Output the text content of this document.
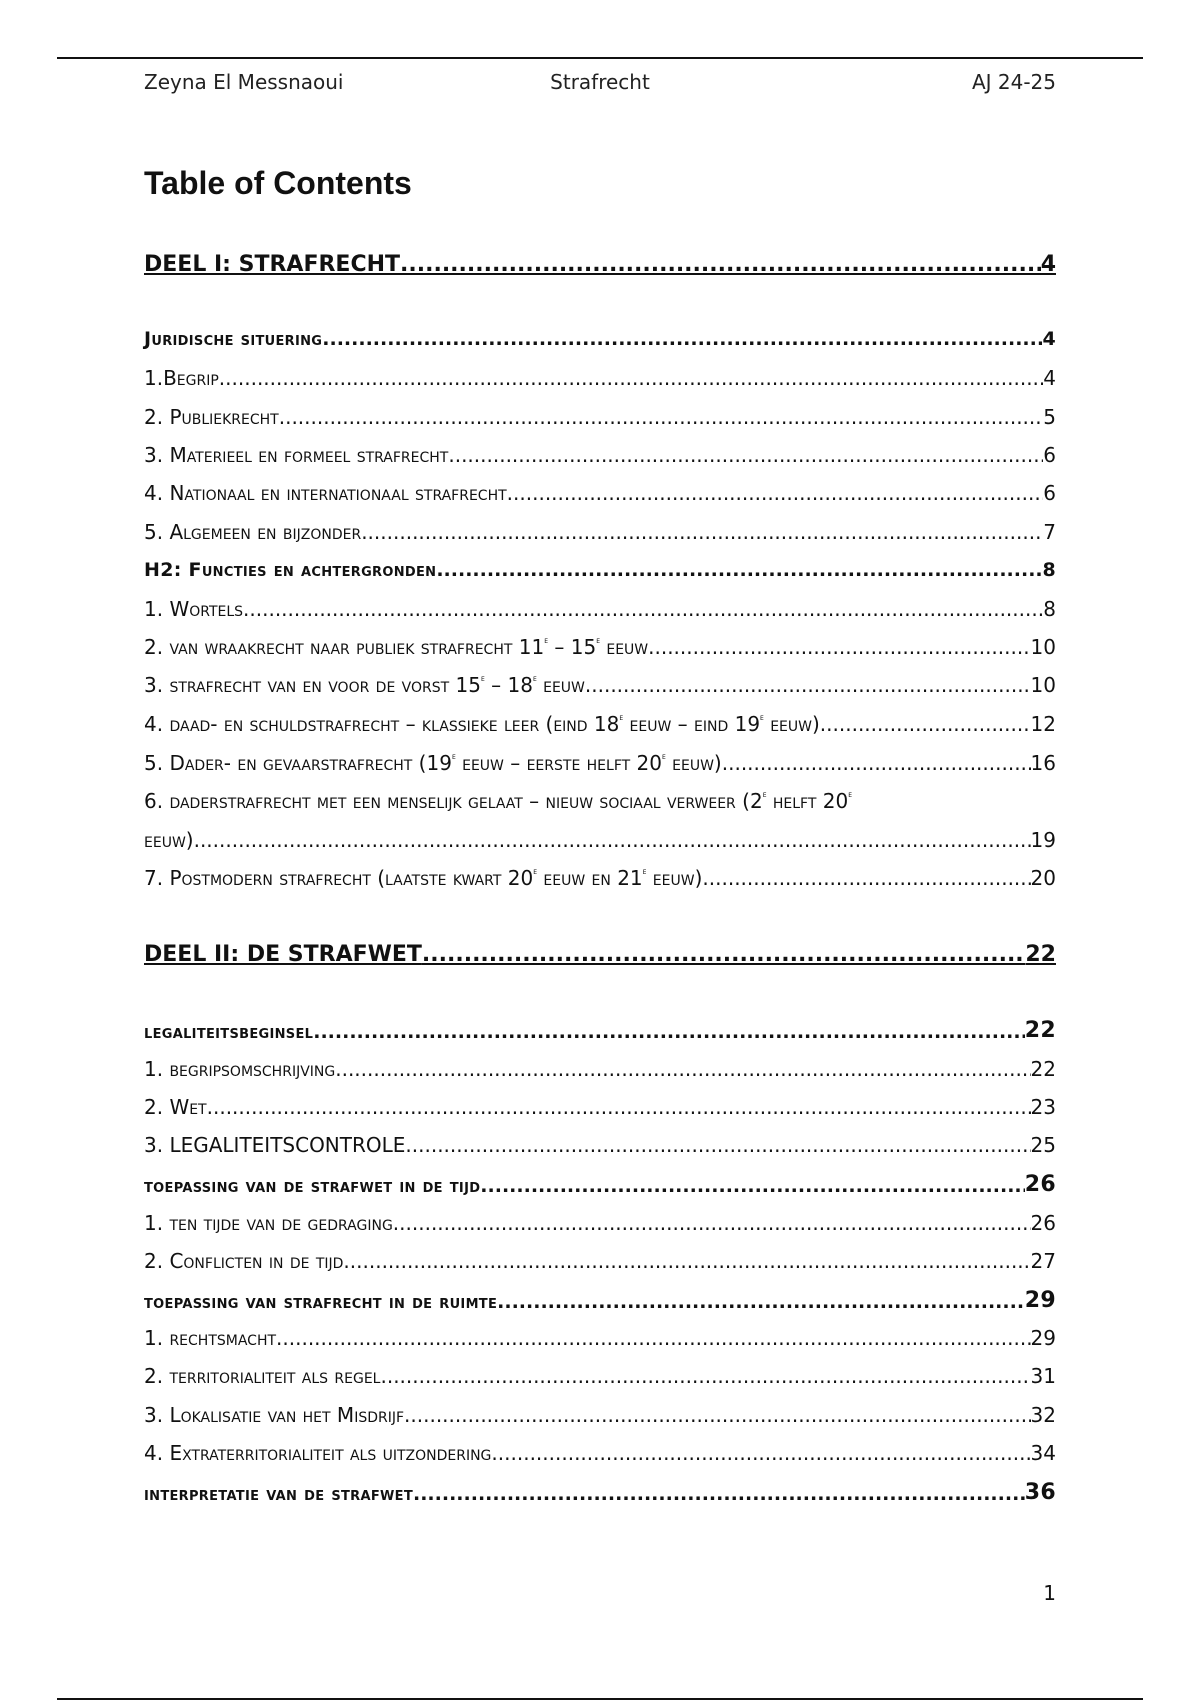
Zeyna El Messnaoui	Strafrecht	AJ 24-25
Table of Contents
DEEL I: STRAFRECHT .....	4
Juridische situering .....	4
1.Begrip .....	4
2. Publiekrecht .....	5
3. Materieel en formeel strafrecht .....	6
4. Nationaal en internationaal strafrecht .....	6
5. Algemeen en bijzonder .....	7
H2: Functies en achtergronden .....	8
1. Wortels .....	8
2. van wraakrecht naar publiek strafrecht 11e – 15e eeuw .....	10
3. strafrecht van en voor de vorst 15e – 18e eeuw .....	10
4. daad- en schuldstrafrecht – klassieke leer (eind 18e eeuw – eind 19e eeuw) .....	12
5. Dader- en gevaarstrafrecht (19e eeuw – eerste helft 20e eeuw) .....	16
6. daderstrafrecht met een menselijk gelaat – nieuw sociaal verweer (2e helft 20e
eeuw) .....	19
7. Postmodern strafrecht (laatste kwart 20e eeuw en 21e eeuw) .....	20
DEEL II: DE STRAFWET .....	22
legaliteitsbeginsel .....	22
1. begripsomschrijving .....	22
2. Wet .....	23
3. LEGALITEITSCONTROLE .....	25
toepassing van de strafwet in de tijd .....	26
1. ten tijde van de gedraging .....	26
2. Conflicten in de tijd .....	27
toepassing van strafrecht in de ruimte .....	29
1. rechtsmacht .....	29
2. territorialiteit als regel .....	31
3. Lokalisatie van het Misdrijf .....	32
4. Extraterritorialiteit als uitzondering .....	34
interpretatie van de strafwet .....	36
1
